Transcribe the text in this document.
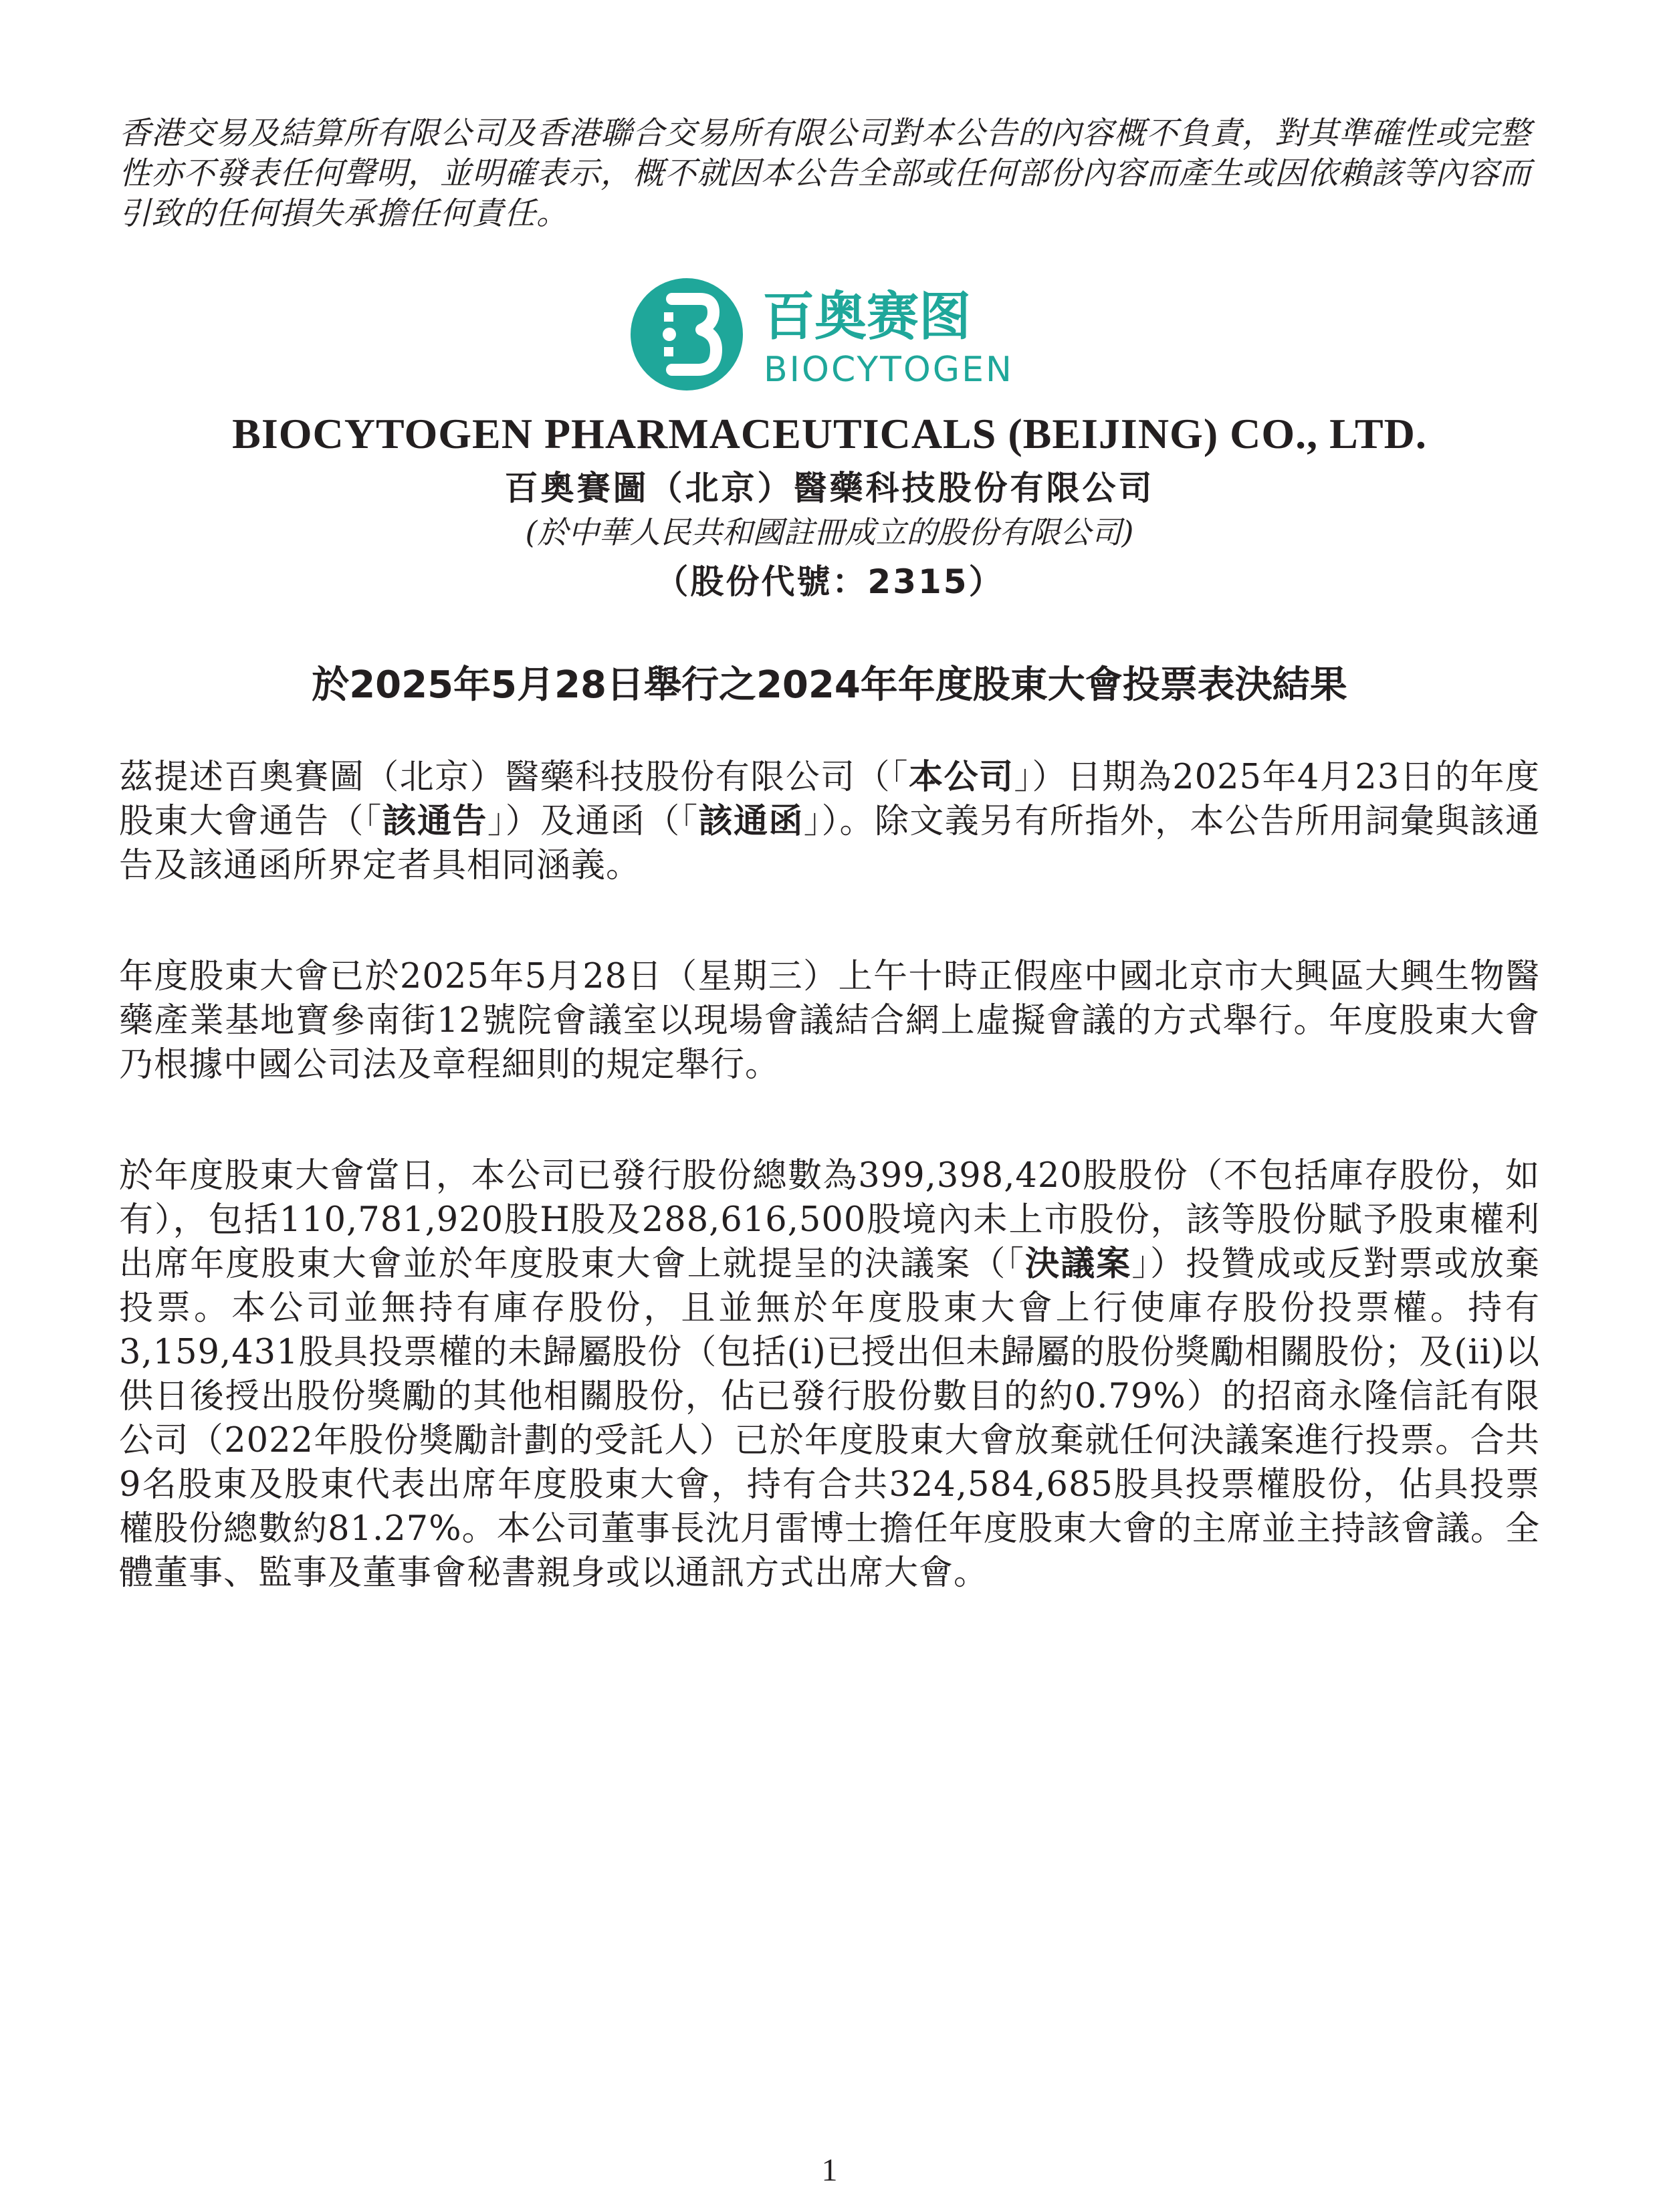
香港交易及結算所有限公司及香港聯合交易所有限公司對本公告的內容概不負責，對其準確性或完整性亦不發表任何聲明，並明確表示，概不就因本公告全部或任何部份內容而產生或因依賴該等內容而引致的任何損失承擔任何責任。

百奥赛图
BIOCYTOGEN

BIOCYTOGEN PHARMACEUTICALS (BEIJING) CO., LTD.

百奧賽圖（北京）醫藥科技股份有限公司

(於中華人民共和國註冊成立的股份有限公司)

（股份代號：2315）

於2025年5月28日舉行之2024年年度股東大會投票表決結果

茲提述百奧賽圖（北京）醫藥科技股份有限公司（「本公司」）日期為2025年4月23日的年度股東大會通告（「該通告」）及通函（「該通函」）。除文義另有所指外，本公告所用詞彙與該通告及該通函所界定者具相同涵義。

年度股東大會已於2025年5月28日（星期三）上午十時正假座中國北京市大興區大興生物醫藥產業基地寶參南街12號院會議室以現場會議結合網上虛擬會議的方式舉行。年度股東大會乃根據中國公司法及章程細則的規定舉行。

於年度股東大會當日，本公司已發行股份總數為399,398,420股股份（不包括庫存股份，如有），包括110,781,920股H股及288,616,500股境內未上市股份，該等股份賦予股東權利出席年度股東大會並於年度股東大會上就提呈的決議案（「決議案」）投贊成或反對票或放棄投票。本公司並無持有庫存股份，且並無於年度股東大會上行使庫存股份投票權。持有3,159,431股具投票權的未歸屬股份（包括(i)已授出但未歸屬的股份獎勵相關股份；及(ii)以供日後授出股份獎勵的其他相關股份，佔已發行股份數目的約0.79%）的招商永隆信託有限公司（2022年股份獎勵計劃的受託人）已於年度股東大會放棄就任何決議案進行投票。合共9名股東及股東代表出席年度股東大會，持有合共324,584,685股具投票權股份，佔具投票權股份總數約81.27%。本公司董事長沈月雷博士擔任年度股東大會的主席並主持該會議。全體董事、監事及董事會秘書親身或以通訊方式出席大會。

1
